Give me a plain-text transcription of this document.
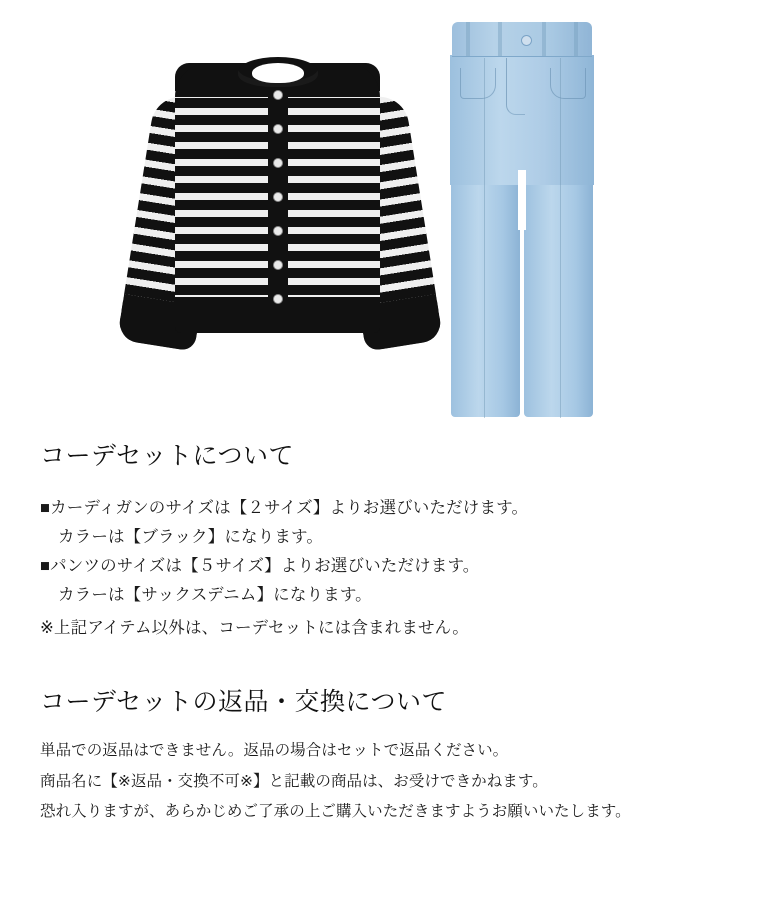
コーデセットについて
■カーディガンのサイズは【２サイズ】よりお選びいただけます。
カラーは【ブラック】になります。
■パンツのサイズは【５サイズ】よりお選びいただけます。
カラーは【サックスデニム】になります。

※上記アイテム以外は、コーデセットには含まれません。

コーデセットの返品・交換について

単品での返品はできません。返品の場合はセットで返品ください。

商品名に【※返品・交換不可※】と記載の商品は、お受けできかねます。

恐れ入りますが、あらかじめご了承の上ご購入いただきますようお願いいたします。
